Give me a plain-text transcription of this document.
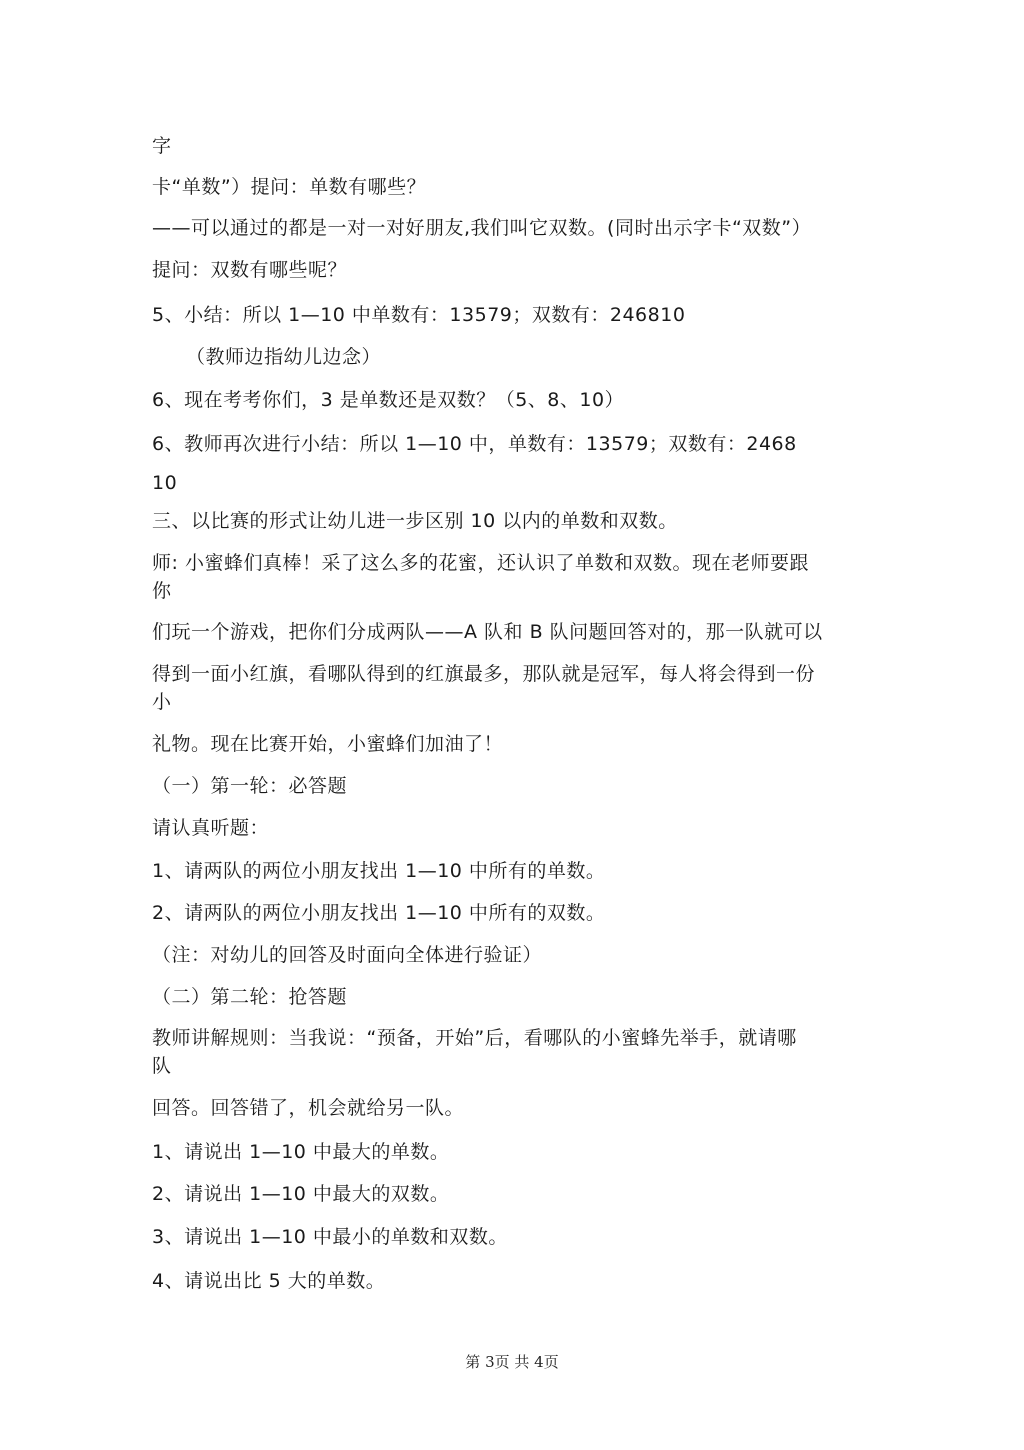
字
卡“单数”）提问：单数有哪些？
——可以通过的都是一对一对好朋友,我们叫它双数。(同时出示字卡“双数”）
提问：双数有哪些呢？
5、小结：所以 1—10 中单数有：13579；双数有：246810
（教师边指幼儿边念）
6、现在考考你们，3 是单数还是双数？（5、8、10）
6、教师再次进行小结：所以 1—10 中，单数有：13579；双数有：2468
10
三、以比赛的形式让幼儿进一步区别 10 以内的单数和双数。
师: 小蜜蜂们真棒！采了这么多的花蜜，还认识了单数和双数。现在老师要跟
你
们玩一个游戏，把你们分成两队——A 队和 B 队问题回答对的，那一队就可以
得到一面小红旗，看哪队得到的红旗最多，那队就是冠军，每人将会得到一份
小
礼物。现在比赛开始，小蜜蜂们加油了！
（一）第一轮：必答题
请认真听题：
1、请两队的两位小朋友找出 1—10 中所有的单数。
2、请两队的两位小朋友找出 1—10 中所有的双数。
（注：对幼儿的回答及时面向全体进行验证）
（二）第二轮：抢答题
教师讲解规则：当我说：“预备，开始”后，看哪队的小蜜蜂先举手，就请哪
队
回答。回答错了，机会就给另一队。
1、请说出 1—10 中最大的单数。
2、请说出 1—10 中最大的双数。
3、请说出 1—10 中最小的单数和双数。
4、请说出比 5 大的单数。
第 3页 共 4页
